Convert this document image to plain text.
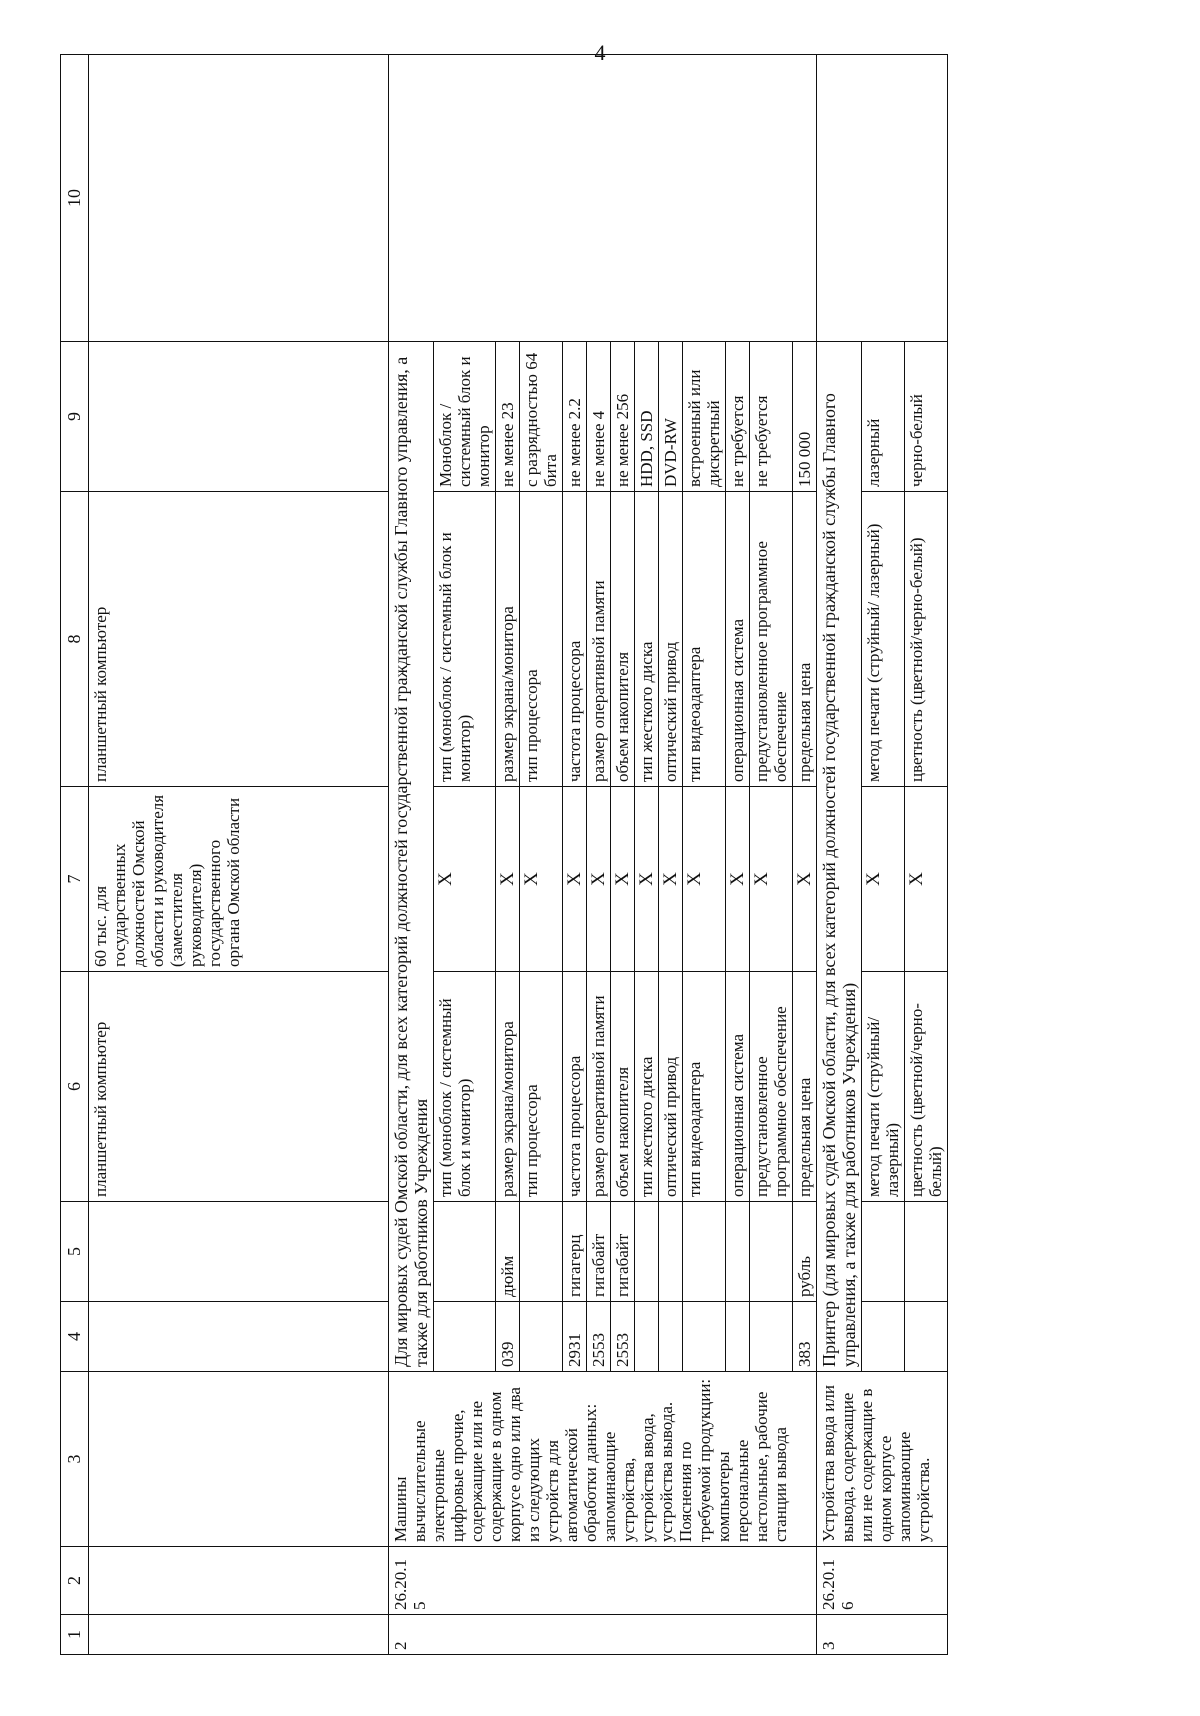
4
1	2	3	4	5	6	7	8	9	10
					планшетный компьютер	60 тыс. для государственных должностей Омской области и руководителя (заместителя руководителя) государственного органа Омской области	планшетный компьютер		
2	26.20.15	Машины вычислительные электронные цифровые прочие, содержащие или не содержащие в одном корпусе одно или два из следующих устройств для автоматической обработки данных: запоминающие устройства, устройства ввода, устройства вывода. Пояснения по требуемой продукции: компьютеры персональные настольные, рабочие станции вывода	Для мировых судей Омской области, для всех категорий должностей государственной гражданской службы Главного управления, а также для работников Учреждения						
					тип (моноблок / системный блок и монитор)	X	тип (моноблок / системный блок и монитор)	Моноблок / системный блок и монитор	
			039	дюйм	размер экрана/монитора	X	размер экрана/монитора	не менее 23	
					тип процессора	X	тип процессора	с разрядностью 64 бита	
			2931	гигагерц	частота процессора	X	частота процессора	не менее 2.2	
			2553	гигабайт	размер оперативной памяти	X	размер оперативной памяти	не менее 4	
			2553	гигабайт	объем накопителя	X	объем накопителя	не менее 256	
					тип жесткого диска	X	тип жесткого диска	HDD, SSD	
					оптический привод	X	оптический привод	DVD-RW	
					тип видеоадаптера	X	тип видеоадаптера	встроенный или дискретный	
					операционная система	X	операционная система	не требуется	
					предустановленное программное обеспечение	X	предустановленное программное обеспечение	не требуется	
			383	рубль	предельная цена	X	предельная цена	150 000	
3	26.20.16	Устройства ввода или вывода, содержащие или не содержащие в одном корпусе запоминающие устройства.	Принтер (для мировых судей Омской области, для всех категорий должностей государственной гражданской службы Главного управления, а также для работников Учреждения)						
					метод печати (струйный/ лазерный)	X	метод печати (струйный/ лазерный)	лазерный	
					цветность (цветной/черно-белый)	X	цветность (цветной/черно-белый)	черно-белый	
